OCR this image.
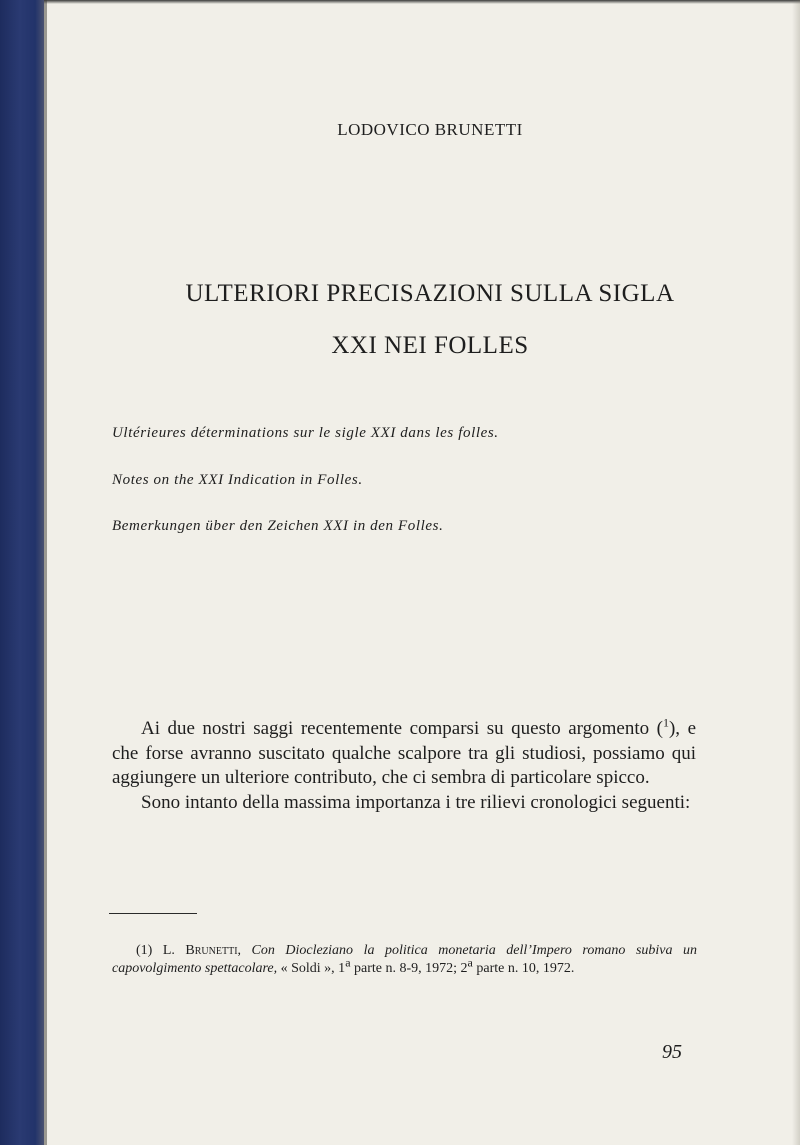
LODOVICO BRUNETTI
ULTERIORI PRECISAZIONI SULLA SIGLA
XXI NEI FOLLES
Ultérieures déterminations sur le sigle XXI dans les folles.
Notes on the XXI Indication in Folles.
Bemerkungen über den Zeichen XXI in den Folles.

Ai due nostri saggi recentemente comparsi su questo argomento ($^1$), e che forse avranno suscitato qualche scalpore tra gli studiosi, possiamo qui aggiungere un ulteriore contributo, che ci sembra di particolare spicco.

Sono intanto della massima importanza i tre rilievi cronologici seguenti:

(1) L. Brunetti, Con Diocleziano la politica monetaria dell’Impero romano subiva un capovolgimento spettacolare, « Soldi », 1a parte n. 8-9, 1972; 2a parte n. 10, 1972.
95
